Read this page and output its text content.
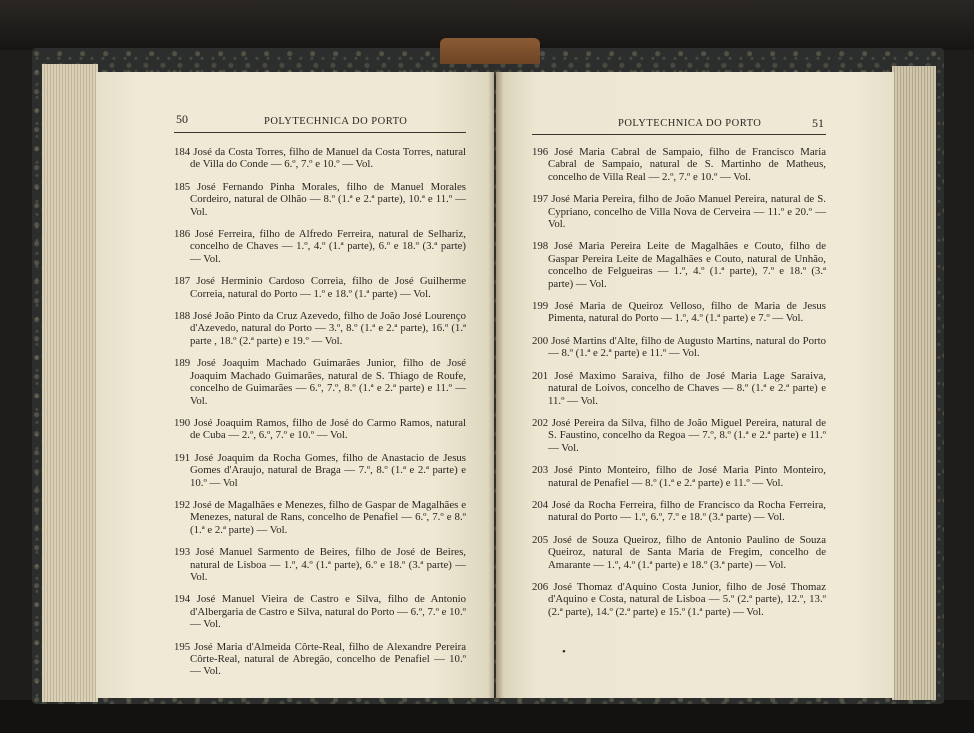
50	POLYTECHNICA DO PORTO
184 José da Costa Torres, filho de Manuel da Costa Torres, natural de Villa do Conde — 6.º, 7.º e 10.º — Vol.
185 José Fernando Pinha Morales, filho de Manuel Morales Cordeiro, natural de Olhão — 8.º (1.ª e 2.ª parte), 10.ª e 11.º — Vol.
186 José Ferreira, filho de Alfredo Ferreira, natural de Selhariz, concelho de Chaves — 1.º, 4.º (1.ª parte), 6.º e 18.º (3.ª parte) — Vol.
187 José Herminio Cardoso Correia, filho de José Guilherme Correia, natural do Porto — 1.º e 18.º (1.ª parte) — Vol.
188 José João Pinto da Cruz Azevedo, filho de João José Lourenço d'Azevedo, natural do Porto — 3.º, 8.º (1.ª e 2.ª parte), 16.º (1.ª parte , 18.º (2.ª parte) e 19.º — Vol.
189 José Joaquim Machado Guimarães Junior, filho de José Joaquim Machado Guimarães, natural de S. Thiago de Roufe, concelho de Guimarães — 6.º, 7.º, 8.º (1.ª e 2.ª parte) e 11.º — Vol.
190 José Joaquim Ramos, filho de José do Carmo Ramos, natural de Cuba — 2.º, 6.º, 7.º e 10.º — Vol.
191 José Joaquim da Rocha Gomes, filho de Anastacio de Jesus Gomes d'Araujo, natural de Braga — 7.º, 8.º (1.ª e 2.ª parte) e 10.º — Vol
192 José de Magalhães e Menezes, filho de Gaspar de Magalhães e Menezes, natural de Rans, concelho de Penafiel — 6.º, 7.º e 8.º (1.ª e 2.ª parte) — Vol.
193 José Manuel Sarmento de Beires, filho de José de Beires, natural de Lisboa — 1.º, 4.º (1.ª parte), 6.º e 18.º (3.ª parte) — Vol.
194 José Manuel Vieira de Castro e Silva, filho de Antonio d'Albergaria de Castro e Silva, natural do Porto — 6.º, 7.º e 10.º — Vol.
195 José Maria d'Almeida Côrte-Real, filho de Alexandre Pereira Côrte-Real, natural de Abregão, concelho de Penafiel — 10.º — Vol.
POLYTECHNICA DO PORTO	51
196 José Maria Cabral de Sampaio, filho de Francisco Maria Cabral de Sampaio, natural de S. Martinho de Matheus, concelho de Villa Real — 2.º, 7.º e 10.º — Vol.
197 José Maria Pereira, filho de João Manuel Pereira, natural de S. Cypriano, concelho de Villa Nova de Cerveira — 11.º e 20.º — Vol.
198 José Maria Pereira Leite de Magalhães e Couto, filho de Gaspar Pereira Leite de Magalhães e Couto, natural de Unhão, concelho de Felgueiras — 1.º, 4.º (1.ª parte), 7.º e 18.º (3.ª parte) — Vol.
199 José Maria de Queiroz Velloso, filho de Maria de Jesus Pimenta, natural do Porto — 1.º, 4.º (1.ª parte) e 7.º — Vol.
200 José Martins d'Alte, filho de Augusto Martins, natural do Porto — 8.º (1.ª e 2.ª parte) e 11.º — Vol.
201 José Maximo Saraiva, filho de José Maria Lage Saraiva, natural de Loivos, concelho de Chaves — 8.º (1.ª e 2.ª parte) e 11.º — Vol.
202 José Pereira da Silva, filho de João Miguel Pereira, natural de S. Faustino, concelho da Regoa — 7.º, 8.º (1.ª e 2.ª parte) e 11.º — Vol.
203 José Pinto Monteiro, filho de José Maria Pinto Monteiro, natural de Penafiel — 8.º (1.ª e 2.ª parte) e 11.º — Vol.
204 José da Rocha Ferreira, filho de Francisco da Rocha Ferreira, natural do Porto — 1.º, 6.º, 7.º e 18.º (3.ª parte) — Vol.
205 José de Souza Queiroz, filho de Antonio Paulino de Souza Queiroz, natural de Santa Maria de Fregim, concelho de Amarante — 1.º, 4.º (1.ª parte) e 18.º (3.ª parte) — Vol.
206 José Thomaz d'Aquino Costa Junior, filho de José Thomaz d'Aquino e Costa, natural de Lisboa — 5.º (2.ª parte), 12.º, 13.º (2.ª parte), 14.º (2.ª parte) e 15.º (1.ª parte) — Vol.
•
